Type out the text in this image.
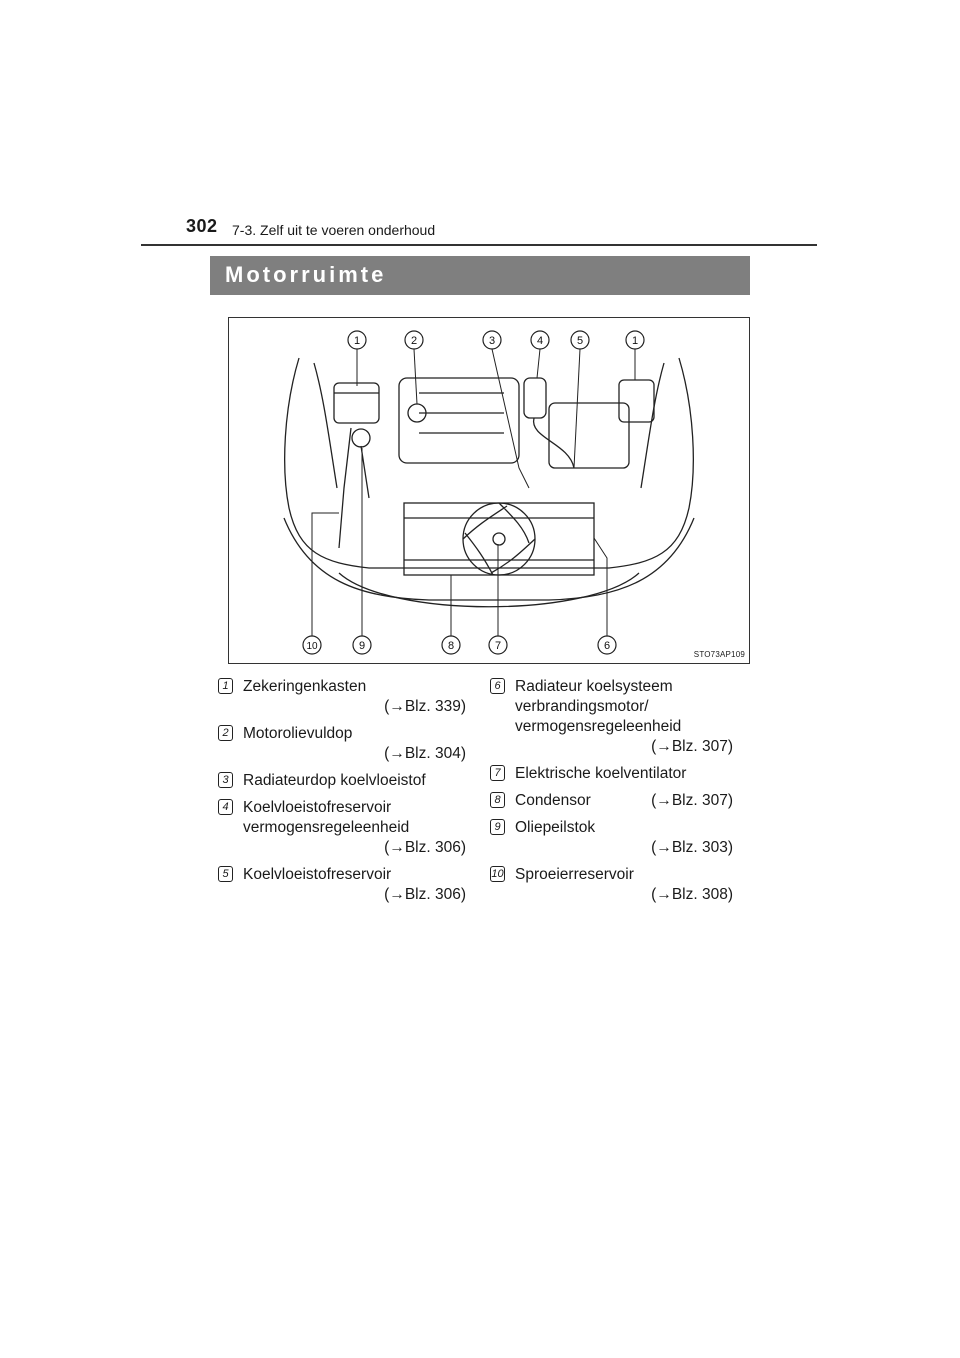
302 7-3. Zelf uit te voeren onderhoud
Motorruimte
1	2	3	4	5	1
10	9	8	7	6
STO73AP109
1 Zekeringenkasten
(→Blz. 339)
2 Motorolievuldop
(→Blz. 304)
3 Radiateurdop koelvloeistof
4 Koelvloeistofreservoir vermogensregeleenheid
(→Blz. 306)
5 Koelvloeistofreservoir
(→Blz. 306)
6 Radiateur koelsysteem verbrandingsmotor/ vermogensregeleenheid
(→Blz. 307)
7 Elektrische koelventilator
8 Condensor	(→Blz. 307)
9 Oliepeilstok
(→Blz. 303)
10 Sproeierreservoir
(→Blz. 308)
